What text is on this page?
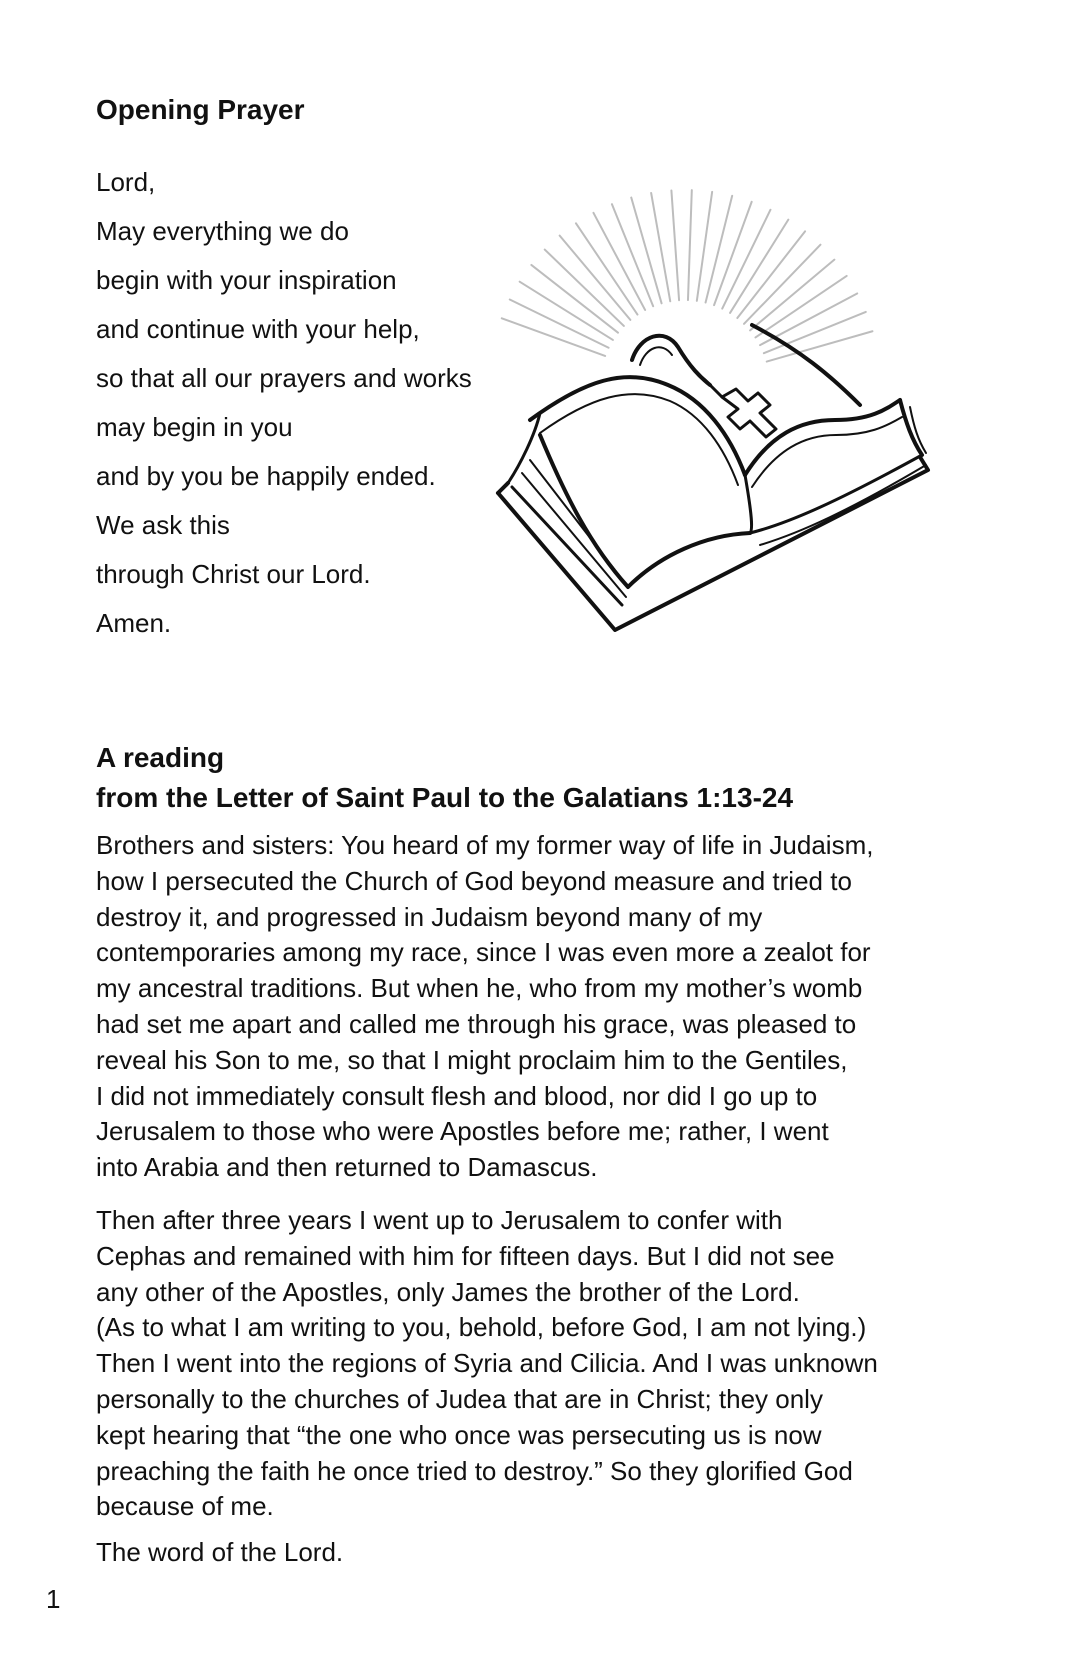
Opening Prayer
Lord,
May everything we do
begin with your inspiration
and continue with your help,
so that all our prayers and works
may begin in you
and by you be happily ended.
We ask this
through Christ our Lord.
Amen.
A reading
from the Letter of Saint Paul to the Galatians 1:13-24

Brothers and sisters: You heard of my former way of life in Judaism,
how I persecuted the Church of God beyond measure and tried to
destroy it, and progressed in Judaism beyond many of my
contemporaries among my race, since I was even more a zealot for
my ancestral traditions. But when he, who from my mother’s womb
had set me apart and called me through his grace, was pleased to
reveal his Son to me, so that I might proclaim him to the Gentiles,
I did not immediately consult flesh and blood, nor did I go up to
Jerusalem to those who were Apostles before me; rather, I went
into Arabia and then returned to Damascus.

Then after three years I went up to Jerusalem to confer with
Cephas and remained with him for fifteen days. But I did not see
any other of the Apostles, only James the brother of the Lord.
(As to what I am writing to you, behold, before God, I am not lying.)
Then I went into the regions of Syria and Cilicia. And I was unknown
personally to the churches of Judea that are in Christ; they only
kept hearing that “the one who once was persecuting us is now
preaching the faith he once tried to destroy.” So they glorified God
because of me.

The word of the Lord.

1
